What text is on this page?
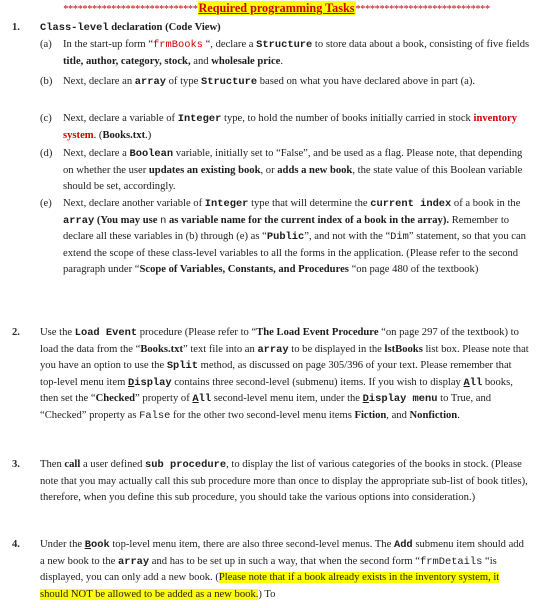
****************************Required programming Tasks****************************
1. Class-level declaration (Code View)
(a) In the start-up form “frmBooks “, declare a Structure to store data about a book, consisting of five fields title, author, category, stock, and wholesale price.
(b) Next, declare an array of type Structure based on what you have declared above in part (a).
(c) Next, declare a variable of Integer type, to hold the number of books initially carried in stock inventory system. (Books.txt.)
(d) Next, declare a Boolean variable, initially set to “False”, and be used as a flag. Please note, that depending on whether the user updates an existing book, or adds a new book, the state value of this Boolean variable should be set, accordingly.
(e) Next, declare another variable of Integer type that will determine the current index of a book in the array (You may use n as variable name for the current index of a book in the array). Remember to declare all these variables in (b) through (e) as “Public”, and not with the “Dim” statement, so that you can extend the scope of these class-level variables to all the forms in the application. (Please refer to the second paragraph under “Scope of Variables, Constants, and Procedures “on page 480 of the textbook)
2. Use the Load Event procedure (Please refer to “The Load Event Procedure “on page 297 of the textbook) to load the data from the “Books.txt” text file into an array to be displayed in the lstBooks list box. Please note that you have an option to use the Split method, as discussed on page 305/396 of your text. Please remember that top-level menu item Display contains three second-level (submenu) items. If you wish to display All books, then set the “Checked” property of All second-level menu item, under the Display menu to True, and “Checked” property as False for the other two second-level menu items Fiction, and Nonfiction.
3. Then call a user defined sub procedure, to display the list of various categories of the books in stock. (Please note that you may actually call this sub procedure more than once to display the appropriate sub-list of book titles), therefore, when you define this sub procedure, you should take the various options into consideration.)
4. Under the Book top-level menu item, there are also three second-level menus. The Add submenu item should add a new book to the array and has to be set up in such a way, that when the second form “frmDetails “is displayed, you can only add a new book. (Please note that if a book already exists in the inventory system, it should NOT be allowed to be added as a new book.) To
